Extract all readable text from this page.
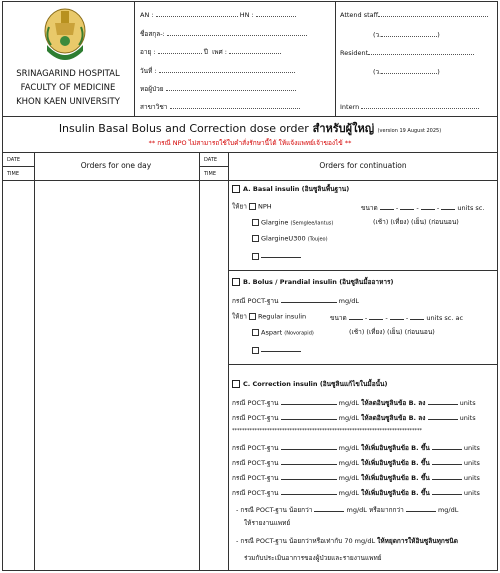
SRINAGARIND HOSPITAL
FACULTY OF MEDICINE
KHON KAEN UNIVERSITY
AN :	HN :
ชื่อสกุล-:
อายุ :	ปี เพศ :
วันที่ :
หอผู้ป่วย
สาขาวิชา
Attend staff
(ว.	)
Resident
(ว.	)
Intern
Insulin Basal Bolus and Correction dose order สำหรับผู้ใหญ่ (version 19 August 2025)
** กรณี NPO ไม่สามารถใช้ใบคำสั่งรักษานี้ได้ ให้แจ้งแพทย์เจ้าของไข้ **
DATE
TIME
Orders for one day
DATE
TIME
Orders for continuation
A. Basal insulin (อินซูลินพื้นฐาน)
ให้ยา NPH	ขนาด  -  -  -  units sc.
Glargine (Semglee/lantus)	(เช้า) (เที่ยง) (เย็น) (ก่อนนอน)
GlargineU300 (Toujeo)
B. Bolus / Prandial insulin (อินซูลินมื้ออาหาร)
กรณี POCT-ฐาน	mg/dL
ให้ยา Regular insulin	ขนาด  -  -  -  units sc. ac
Aspart (Novorapid)	(เช้า) (เที่ยง) (เย็น) (ก่อนนอน)
C. Correction insulin (อินซูลินแก้ไขในมื้อนั้น)
กรณี POCT-ฐาน	mg/dL ให้ลดอินซูลินข้อ B. ลง	units
กรณี POCT-ฐาน	mg/dL ให้ลดอินซูลินข้อ B. ลง	units
****************************************************************************
กรณี POCT-ฐาน	mg/dL ให้เพิ่มอินซูลินข้อ B. ขึ้น	units
กรณี POCT-ฐาน	mg/dL ให้เพิ่มอินซูลินข้อ B. ขึ้น	units
กรณี POCT-ฐาน	mg/dL ให้เพิ่มอินซูลินข้อ B. ขึ้น	units
กรณี POCT-ฐาน	mg/dL ให้เพิ่มอินซูลินข้อ B. ขึ้น	units
- กรณี POCT-ฐาน น้อยกว่า	mg/dL หรือมากกว่า	mg/dL
ให้รายงานแพทย์
- กรณี POCT-ฐาน น้อยกว่าหรือเท่ากับ 70 mg/dL ให้หยุดการให้อินซูลินทุกชนิด
ร่วมกับประเมินอาการของผู้ป่วยและรายงานแพทย์
